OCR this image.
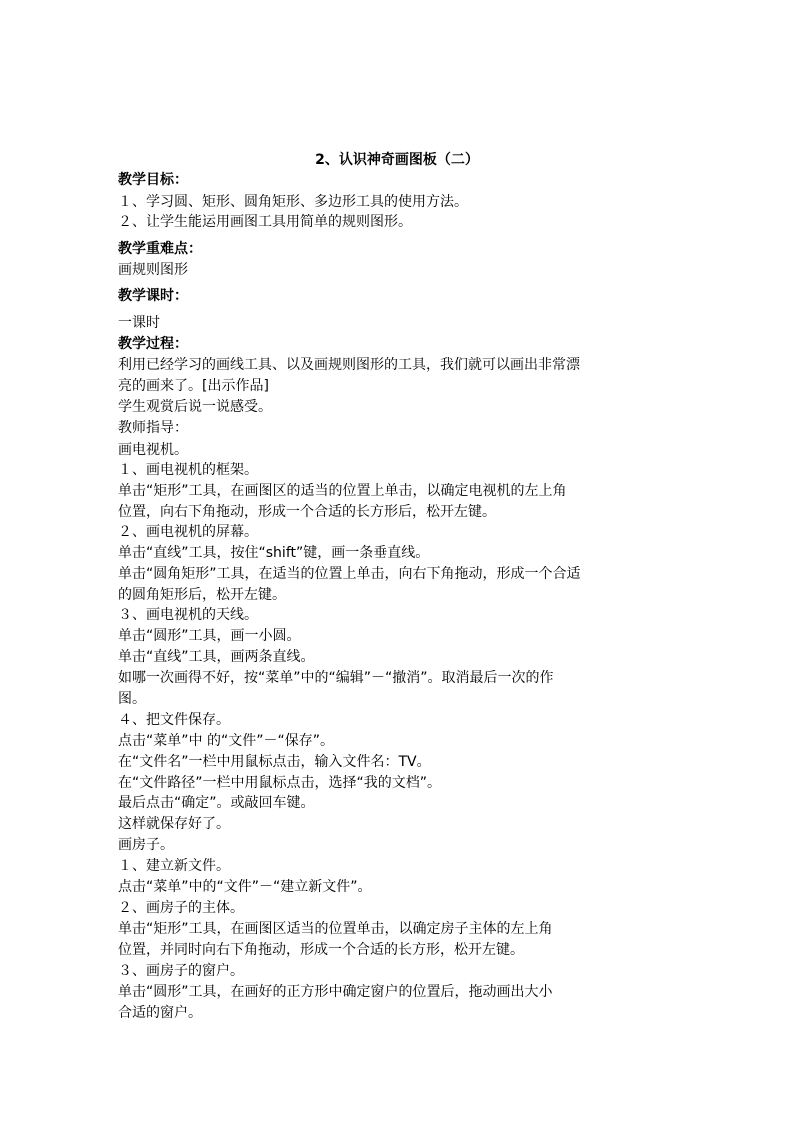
2、认识神奇画图板（二）
教学目标：
１、学习圆、矩形、圆角矩形、多边形工具的使用方法。
２、让学生能运用画图工具用简单的规则图形。
教学重难点：
画规则图形
教学课时：
一课时
教学过程：
利用已经学习的画线工具、以及画规则图形的工具，我们就可以画出非常漂
亮的画来了。[出示作品]
学生观赏后说一说感受。
教师指导：
画电视机。
１、画电视机的框架。
单击“矩形”工具，在画图区的适当的位置上单击，以确定电视机的左上角
位置，向右下角拖动，形成一个合适的长方形后，松开左键。
２、画电视机的屏幕。
单击“直线”工具，按住“shift”键，画一条垂直线。
单击“圆角矩形”工具，在适当的位置上单击，向右下角拖动，形成一个合适
的圆角矩形后，松开左键。
３、画电视机的天线。
单击“圆形”工具，画一小圆。
单击“直线”工具，画两条直线。
如哪一次画得不好，按“菜单”中的“编辑”－“撤消”。取消最后一次的作
图。
４、把文件保存。
点击“菜单”中 的“文件”－“保存”。
在“文件名”一栏中用鼠标点击，输入文件名：TV。
在“文件路径”一栏中用鼠标点击，选择“我的文档”。
最后点击“确定”。或敲回车键。
这样就保存好了。
画房子。
１、建立新文件。
点击“菜单”中的“文件”－“建立新文件”。
２、画房子的主体。
单击“矩形”工具，在画图区适当的位置单击，以确定房子主体的左上角
位置，并同时向右下角拖动，形成一个合适的长方形，松开左键。
３、画房子的窗户。
单击“圆形”工具，在画好的正方形中确定窗户的位置后，拖动画出大小
合适的窗户。
